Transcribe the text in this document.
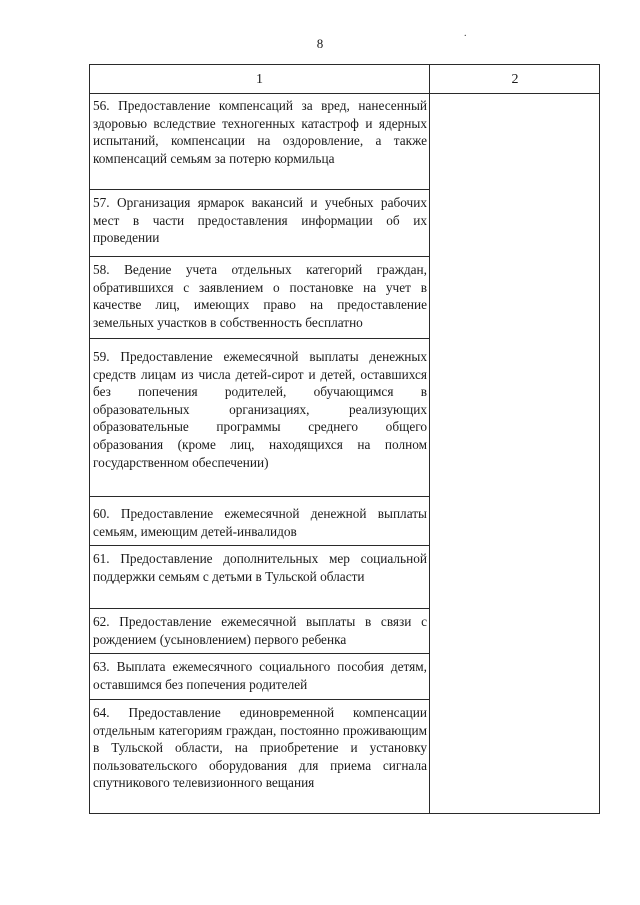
8
.
1	2
56. Предоставление компенсаций за вред, нанесенный здоровью вследствие техногенных катастроф и ядерных испытаний, компенсации на оздоровление, а также компенсаций семьям за потерю кормильца
57. Организация ярмарок вакансий и учебных рабочих мест в части предоставления информации об их проведении
58. Ведение учета отдельных категорий граждан, обратившихся с заявлением о постановке на учет в качестве лиц, имеющих право на предоставление земельных участков в собственность бесплатно
59. Предоставление ежемесячной выплаты денежных средств лицам из числа детей-сирот и детей, оставшихся без попечения родителей, обучающимся в образовательных организациях, реализующих образовательные программы среднего общего образования (кроме лиц, находящихся на полном государственном обеспечении)
60. Предоставление ежемесячной денежной выплаты семьям, имеющим детей-инвалидов
61. Предоставление дополнительных мер социальной поддержки семьям с детьми в Тульской области
62. Предоставление ежемесячной выплаты в связи с рождением (усыновлением) первого ребенка
63. Выплата ежемесячного социального пособия детям, оставшимся без попечения родителей
64. Предоставление единовременной компенсации отдельным категориям граждан, постоянно проживающим в Тульской области, на приобретение и установку пользовательского оборудования для приема сигнала спутникового телевизионного вещания
